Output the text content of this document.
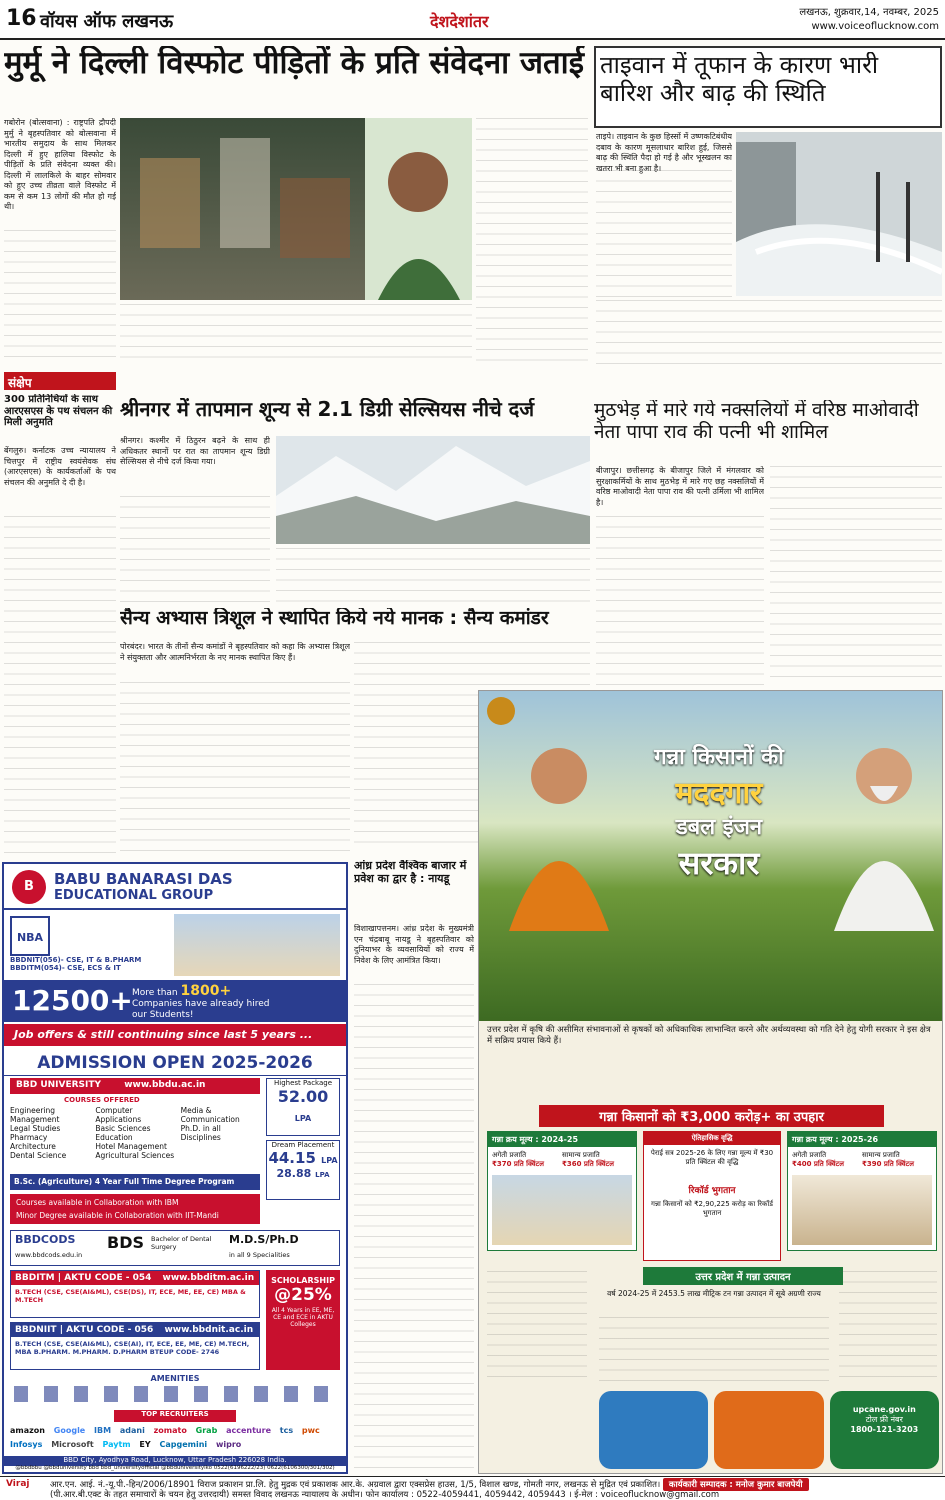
16 वॉयस ऑफ लखनऊ	देशदेशांतर	लखनऊ, शुक्रवार,14, नवम्बर, 2025
www.voiceoflucknow.com
मुर्मू ने दिल्ली विस्फोट पीड़ितों के प्रति संवेदना जताई
गबोरोन (बोत्सवाना) : राष्ट्रपति द्रौपदी मुर्मु ने बृहस्पतिवार को बोत्सवाना में भारतीय समुदाय के साथ मिलकर दिल्ली में हुए हालिया विस्फोट के पीड़ितों के प्रति संवेदना व्यक्त की। दिल्ली में लालकिले के बाहर सोमवार को हुए उच्च तीव्रता वाले विस्फोट में कम से कम 13 लोगों की मौत हो गई थी।
ताइवान में तूफान के कारण भारी बारिश और बाढ़ की स्थिति
ताइपे। ताइवान के कुछ हिस्सों में उष्णकटिबंधीय दबाव के कारण मूसलाधार बारिश हुई, जिससे बाढ़ की स्थिति पैदा हो गई है और भूस्खलन का खतरा भी बना हुआ है।
संक्षेप
300 प्रतिनिधियों के साथ आरएसएस के पथ संचलन की मिली अनुमति
बेंगलुरु। कर्नाटक उच्च न्यायालय ने चित्तपुर में राष्ट्रीय स्वयंसेवक संघ (आरएसएस) के कार्यकर्ताओं के पथ संचलन की अनुमति दे दी है।
श्रीनगर में तापमान शून्य से 2.1 डिग्री सेल्सियस नीचे दर्ज
श्रीनगर। कश्मीर में ठिठुरन बढ़ने के साथ ही अधिकतर स्थानों पर रात का तापमान शून्य डिग्री सेल्सियस से नीचे दर्ज किया गया।
मुठभेड़ में मारे गये नक्सलियों में वरिष्ठ माओवादी नेता पापा राव की पत्नी भी शामिल
बीजापुर। छत्तीसगढ़ के बीजापुर जिले में मंगलवार को सुरक्षाकर्मियों के साथ मुठभेड़ में मारे गए छह नक्सलियों में वरिष्ठ माओवादी नेता पापा राव की पत्नी उर्मिला भी शामिल है।
सैन्य अभ्यास त्रिशूल ने स्थापित किये नये मानक : सैन्य कमांडर
पोरबंदर। भारत के तीनों सैन्य कमांडों ने बृहस्पतिवार को कहा कि अभ्यास त्रिशूल ने संयुक्तता और आत्मनिर्भरता के नए मानक स्थापित किए हैं।
आंध्र प्रदेश वैश्विक बाजार में प्रवेश का द्वार है : नायडू
विशाखापत्तनम। आंध्र प्रदेश के मुख्यमंत्री एन चंद्रबाबू नायडू ने बृहस्पतिवार को दुनियाभर के व्यवसायियों को राज्य में निवेश के लिए आमंत्रित किया।
B	BABU BANARASI DAS
EDUCATIONAL GROUP
NBA
BBDNIT(056)- CSE, IT & B.PHARM
BBDITM(054)- CSE, ECS & IT
12500+ More than 1800+ Companies have already hired our Students!
Job offers & still continuing since last 5 years ...
ADMISSION OPEN 2025-2026
BBD UNIVERSITY	www.bbdu.ac.in
COURSES OFFERED
Engineering
Management
Legal Studies
Pharmacy
Architecture
Dental Science
Computer Applications
Basic Sciences
Education
Hotel Management
Agricultural Sciences
Media & Communication
Ph.D. in all Disciplines
Highest Package
52.00 LPA
Dream Placement
44.15 LPA
28.88 LPA
B.Sc. (Agriculture) 4 Year Full Time Degree Program
Courses available in Collaboration with IBM
Minor Degree available in Collaboration with IIT-Mandi
BBDCODS
www.bbdcods.edu.in
BDS Bachelor of Dental Surgery
M.D.S/Ph.D
in all 9 Specialities
BBDITM | AKTU CODE - 054 www.bbditm.ac.in
B.TECH (CSE, CSE(AI&ML), CSE(DS), IT, ECE, ME, EE, CE) MBA & M.TECH
BBDNIIT | AKTU CODE - 056 www.bbdnit.ac.in
B.TECH (CSE, CSE(AI&ML), CSE(AI), IT, ECE, EE, ME, CE) M.TECH, MBA B.PHARM. M.PHARM. D.PHARM BTEUP CODE- 2746
SCHOLARSHIP
@25%
All 4 Years in EE, ME, CE and ECE in AKTU Colleges
AMENITIES
TOP RECRUITERS
amazon Google IBM adani zomato Grab accenture tcs pwc Infosys Microsoft Paytm EY Capgemini wipro
BBD City, Ayodhya Road, Lucknow, Uttar Pradesh 226028 India.
@bbdbbu @bbduniversity bbd bbd_universityofficial @bbduniversitylko 0522(6196222/23) 0622(6106300/301/302)
गन्ना किसानों की
मददगार
डबल इंजन
सरकार
उत्तर प्रदेश में कृषि की असीमित संभावनाओं से कृषकों को अधिकाधिक लाभान्वित करने और अर्थव्यवस्था को गति देने हेतु योगी सरकार ने इस क्षेत्र में सक्रिय प्रयास किये हैं।
गन्ना किसानों को ₹3,000 करोड़+ का उपहार
गन्ना क्रय मूल्य : 2024-25
अगेती प्रजाति
₹370 प्रति क्विंटल
सामान्य प्रजाति
₹360 प्रति क्विंटल
ऐतिहासिक वृद्धि
पेराई सत्र 2025-26 के लिए गन्ना मूल्य में ₹30 प्रति क्विंटल की वृद्धि
रिकॉर्ड भुगतान
गन्ना किसानों को ₹2,90,225 करोड़ का रिकॉर्ड भुगतान
गन्ना क्रय मूल्य : 2025-26
अगेती प्रजाति
₹400 प्रति क्विंटल
सामान्य प्रजाति
₹390 प्रति क्विंटल
उत्तर प्रदेश में गन्ना उत्पादन
वर्ष 2024-25 में 2453.5 लाख मीट्रिक टन गन्ना उत्पादन में सूबे अग्रणी राज्य
upcane.gov.in
टोल फ्री नंबर
1800-121-3203
Viraj आर.एन. आई. नं.-यू.पी.-हिन/2006/18901 विराज प्रकाशन प्रा.लि. हेतु मुद्रक एवं प्रकाशक आर.के. अग्रवाल द्वारा एक्सप्रेस हाउस, 1/5, विशाल खण्ड, गोमती नगर, लखनऊ से मुद्रित एवं प्रकाशित। कार्यकारी सम्पादक : मनोज कुमार बाजपेयी
(पी.आर.बी.एक्ट के तहत समाचारों के चयन हेतु उत्तरदायी) समस्त विवाद लखनऊ न्यायालय के अधीन। फोन कार्यालय : 0522-4059441, 4059442, 4059443 । ई-मेल : voiceoflucknow@gmail.com
